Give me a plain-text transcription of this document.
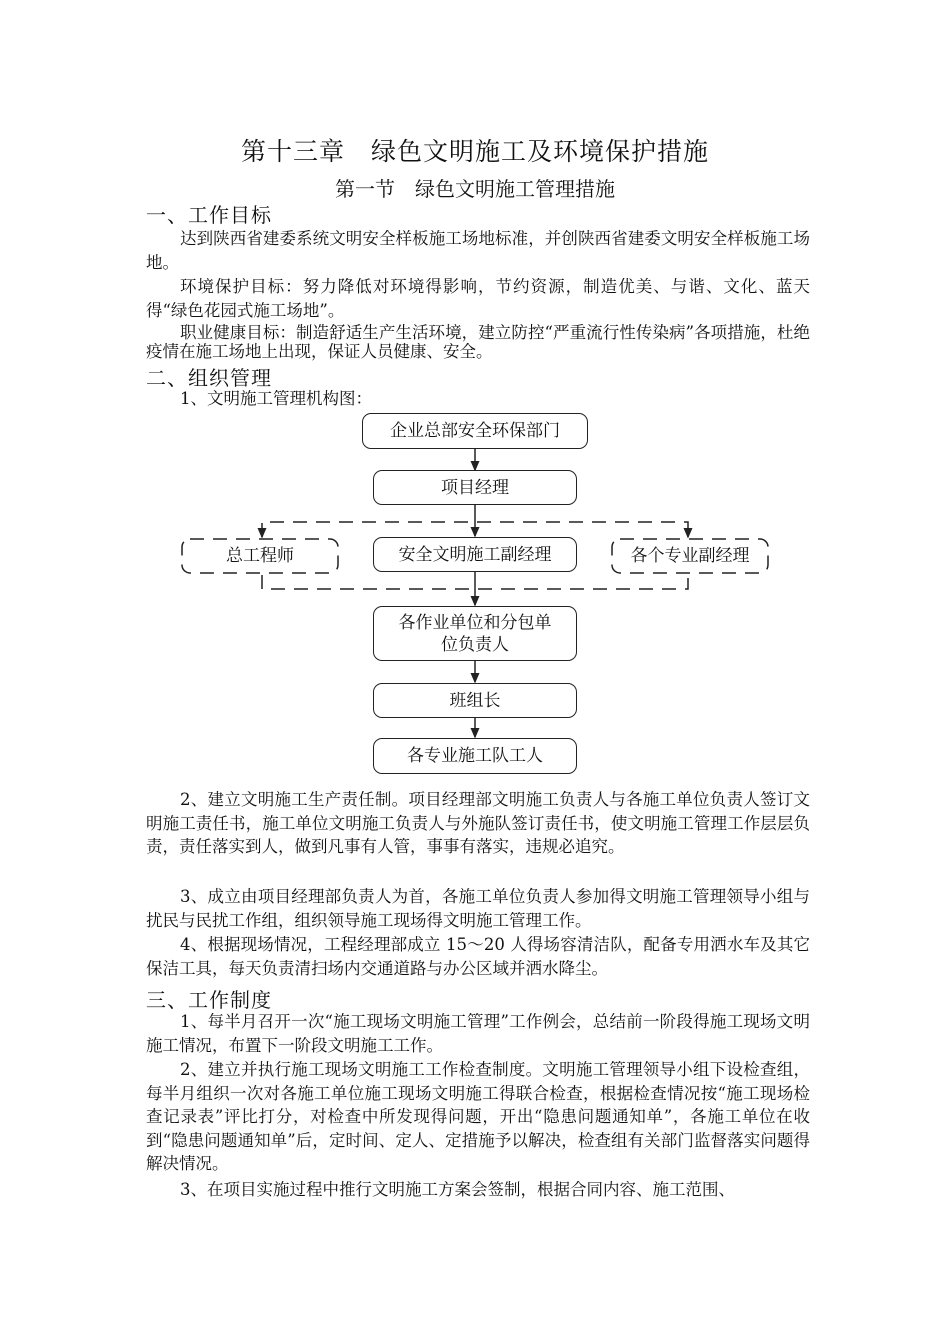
第十三章　绿色文明施工及环境保护措施
第一节　绿色文明施工管理措施
一、工作目标
达到陕西省建委系统文明安全样板施工场地标准，并创陕西省建委文明安全样板施工场地。
环境保护目标：努力降低对环境得影响，节约资源，制造优美、与谐、文化、蓝天得“绿色花园式施工场地”。
职业健康目标：制造舒适生产生活环境，建立防控“严重流行性传染病”各项措施，杜绝疫情在施工场地上出现，保证人员健康、安全。
二、组织管理
1、文明施工管理机构图：
企业总部安全环保部门
项目经理
总工程师	安全文明施工副经理	各个专业副经理
各作业单位和分包单位负责人
班组长
各专业施工队工人
2、建立文明施工生产责任制。项目经理部文明施工负责人与各施工单位负责人签订文明施工责任书，施工单位文明施工负责人与外施队签订责任书，使文明施工管理工作层层负责，责任落实到人，做到凡事有人管，事事有落实，违规必追究。
3、成立由项目经理部负责人为首，各施工单位负责人参加得文明施工管理领导小组与扰民与民扰工作组，组织领导施工现场得文明施工管理工作。
4、根据现场情况，工程经理部成立 15～20 人得场容清洁队，配备专用洒水车及其它保洁工具，每天负责清扫场内交通道路与办公区域并洒水降尘。
三、工作制度
1、每半月召开一次“施工现场文明施工管理”工作例会，总结前一阶段得施工现场文明施工情况，布置下一阶段文明施工工作。
2、建立并执行施工现场文明施工工作检查制度。文明施工管理领导小组下设检查组，每半月组织一次对各施工单位施工现场文明施工得联合检查，根据检查情况按“施工现场检查记录表”评比打分，对检查中所发现得问题，开出“隐患问题通知单”，各施工单位在收到“隐患问题通知单”后，定时间、定人、定措施予以解决，检查组有关部门监督落实问题得解决情况。
3、在项目实施过程中推行文明施工方案会签制，根据合同内容、施工范围、
